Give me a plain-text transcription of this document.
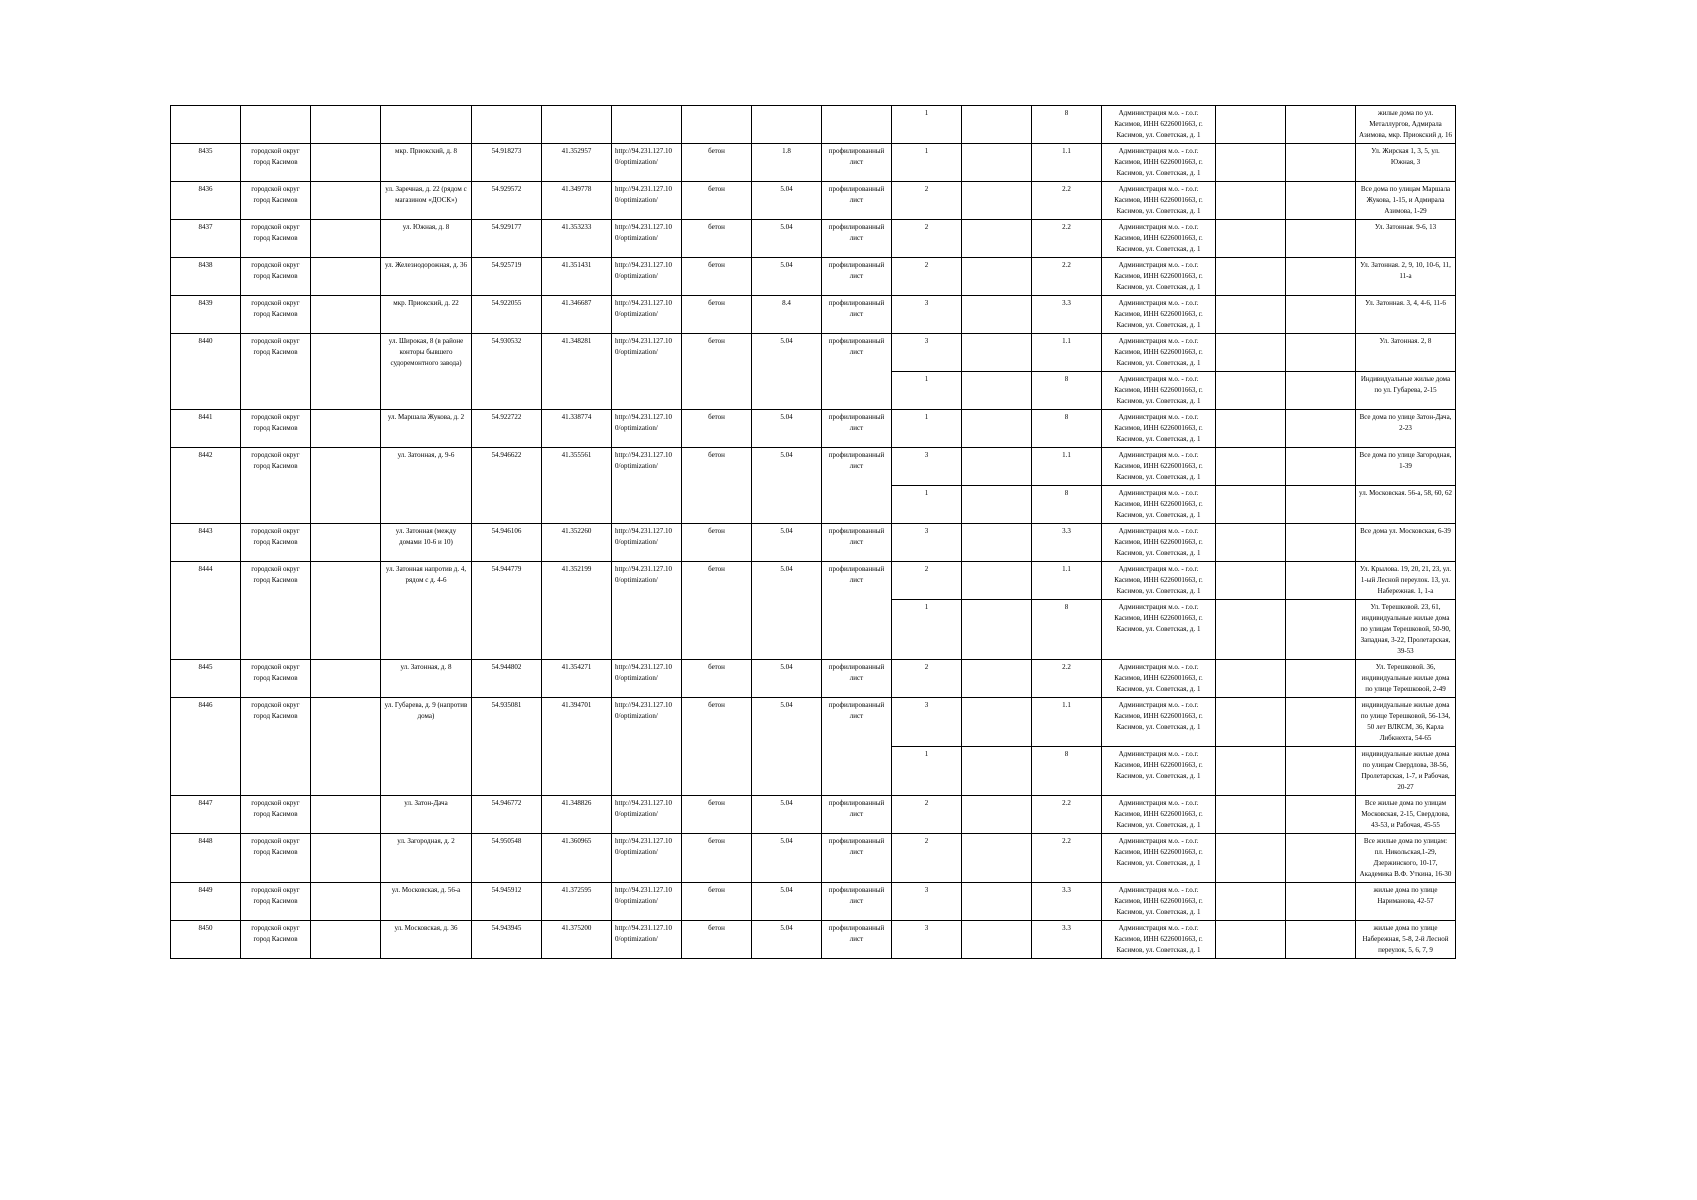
										1		8	Администрация м.о. - г.о.г. Касимов, ИНН 6226001663, г. Касимов, ул. Советская, д. 1			жилые дома по ул. Металлургов, Адмирала Азимова, мкр. Приокский д. 16
8435	городской округ город Касимов		мкр. Приокский, д. 8	54.918273	41.352957	http://94.231.127.10 0/optimization/	бетон	1.8	профилированный лист	1		1.1	Администрация м.о. - г.о.г. Касимов, ИНН 6226001663, г. Касимов, ул. Советская, д. 1			Ул. Жирская 1, 3, 5, ул. Южная, 3
8436	городской округ город Касимов		ул. Заречная, д. 22 (рядом с магазином «ДОСК»)	54.929572	41.349778	http://94.231.127.10 0/optimization/	бетон	5.04	профилированный лист	2		2.2	Администрация м.о. - г.о.г. Касимов, ИНН 6226001663, г. Касимов, ул. Советская, д. 1			Все дома по улицам Маршала Жукова, 1-15, и Адмирала Азимова, 1-29
8437	городской округ город Касимов		ул. Южная, д. 8	54.929177	41.353233	http://94.231.127.10 0/optimization/	бетон	5.04	профилированный лист	2		2.2	Администрация м.о. - г.о.г. Касимов, ИНН 6226001663, г. Касимов, ул. Советская, д. 1			Ул. Затонная. 9-6, 13
8438	городской округ город Касимов		ул. Железнодорожная, д. 36	54.925719	41.351431	http://94.231.127.10 0/optimization/	бетон	5.04	профилированный лист	2		2.2	Администрация м.о. - г.о.г. Касимов, ИНН 6226001663, г. Касимов, ул. Советская, д. 1			Ул. Затонная. 2, 9, 10, 10-6, 11, 11-а
8439	городской округ город Касимов		мкр. Приокский, д. 22	54.922055	41.346687	http://94.231.127.10 0/optimization/	бетон	8.4	профилированный лист	3		3.3	Администрация м.о. - г.о.г. Касимов, ИНН 6226001663, г. Касимов, ул. Советская, д. 1			Ул. Затонная. 3, 4, 4-6, 11-6
8440	городской округ город Касимов		ул. Широкая, 8 (в районе конторы бывшего судоремонтного завода)	54.930532	41.348281	http://94.231.127.10 0/optimization/	бетон	5.04	профилированный лист	3		1.1	Администрация м.о. - г.о.г. Касимов, ИНН 6226001663, г. Касимов, ул. Советская, д. 1			Ул. Затонная. 2, 8
										1		8	Администрация м.о. - г.о.г. Касимов, ИНН 6226001663, г. Касимов, ул. Советская, д. 1			Индивидуальные жилые дома по ул. Губарева, 2-15
8441	городской округ город Касимов		ул. Маршала Жукова, д. 2	54.922722	41.338774	http://94.231.127.10 0/optimization/	бетон	5.04	профилированный лист	1		8	Администрация м.о. - г.о.г. Касимов, ИНН 6226001663, г. Касимов, ул. Советская, д. 1			Все дома по улице Затон-Дача, 2-23
8442	городской округ город Касимов		ул. Затонная, д. 9-6	54.946622	41.355561	http://94.231.127.10 0/optimization/	бетон	5.04	профилированный лист	3		1.1	Администрация м.о. - г.о.г. Касимов, ИНН 6226001663, г. Касимов, ул. Советская, д. 1			Все дома по улице Загородная, 1-39
										1		8	Администрация м.о. - г.о.г. Касимов, ИНН 6226001663, г. Касимов, ул. Советская, д. 1			ул. Московская. 56-а, 58, 60, 62
8443	городской округ город Касимов		ул. Затонная (между домами 10-6 и 10)	54.946106	41.352260	http://94.231.127.10 0/optimization/	бетон	5.04	профилированный лист	3		3.3	Администрация м.о. - г.о.г. Касимов, ИНН 6226001663, г. Касимов, ул. Советская, д. 1			Все дома ул. Московская, 6-39
8444	городской округ город Касимов		ул. Затонная напротив д. 4, рядом с д. 4-6	54.944779	41.352199	http://94.231.127.10 0/optimization/	бетон	5.04	профилированный лист	2		1.1	Администрация м.о. - г.о.г. Касимов, ИНН 6226001663, г. Касимов, ул. Советская, д. 1			Ул. Крылова. 19, 20, 21, 23, ул. 1-ый Лесной переулок. 13, ул. Набережная. 1, 1-а
										1		8	Администрация м.о. - г.о.г. Касимов, ИНН 6226001663, г. Касимов, ул. Советская, д. 1			Ул. Терешковой. 23, 61, индивидуальные жилые дома по улицам Терешковой, 50-90, Западная, 3-22, Пролетарская, 39-53
8445	городской округ город Касимов		ул. Затонная, д. 8	54.944802	41.354271	http://94.231.127.10 0/optimization/	бетон	5.04	профилированный лист	2		2.2	Администрация м.о. - г.о.г. Касимов, ИНН 6226001663, г. Касимов, ул. Советская, д. 1			Ул. Терешковой. 36, индивидуальные жилые дома по улице Терешковой, 2-49
8446	городской округ город Касимов		ул. Губарева, д. 9 (напротив дома)	54.935081	41.394701	http://94.231.127.10 0/optimization/	бетон	5.04	профилированный лист	3		1.1	Администрация м.о. - г.о.г. Касимов, ИНН 6226001663, г. Касимов, ул. Советская, д. 1			индивидуальные жилые дома по улице Терешковой, 56-134, 50 лет ВЛКСМ, 36, Карла Либкнехта, 54-65
										1		8	Администрация м.о. - г.о.г. Касимов, ИНН 6226001663, г. Касимов, ул. Советская, д. 1			индивидуальные жилые дома по улицам Свердлова, 38-56, Пролетарская, 1-7, и Рабочая, 20-27
8447	городской округ город Касимов		ул. Затон-Дача	54.946772	41.348826	http://94.231.127.10 0/optimization/	бетон	5.04	профилированный лист	2		2.2	Администрация м.о. - г.о.г. Касимов, ИНН 6226001663, г. Касимов, ул. Советская, д. 1			Все жилые дома по улицам Московская, 2-15, Свердлова, 43-53, и Рабочая, 45-55
8448	городской округ город Касимов		ул. Загородная, д. 2	54.950548	41.360965	http://94.231.127.10 0/optimization/	бетон	5.04	профилированный лист	2		2.2	Администрация м.о. - г.о.г. Касимов, ИНН 6226001663, г. Касимов, ул. Советская, д. 1			Все жилые дома по улицам: пл. Никольская,1-29, Дзержинского, 10-17, Академика В.Ф. Уткина, 16-30
8449	городской округ город Касимов		ул. Московская, д. 56-а	54.945912	41.372595	http://94.231.127.10 0/optimization/	бетон	5.04	профилированный лист	3		3.3	Администрация м.о. - г.о.г. Касимов, ИНН 6226001663, г. Касимов, ул. Советская, д. 1			жилые дома по улице Нариманова, 42-57
8450	городской округ город Касимов		ул. Московская, д. 36	54.943945	41.375200	http://94.231.127.10 0/optimization/	бетон	5.04	профилированный лист	3		3.3	Администрация м.о. - г.о.г. Касимов, ИНН 6226001663, г. Касимов, ул. Советская, д. 1			жилые дома по улице Набережная, 5-8, 2-й Лесной переулок, 5, 6, 7, 9
